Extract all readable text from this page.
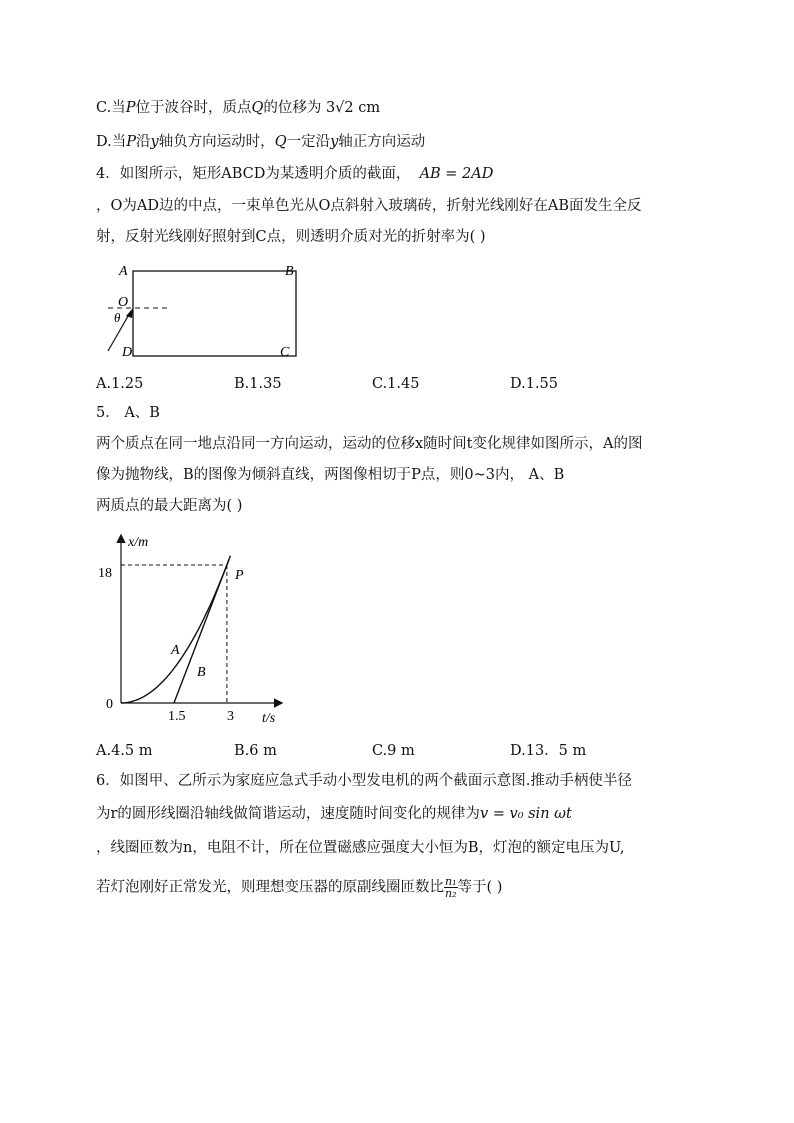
C.当P位于波谷时，质点Q的位移为 3√2 cm
D.当P沿y轴负方向运动时，Q一定沿y轴正方向运动
4．如图所示，矩形ABCD为某透明介质的截面， AB = 2AD
，O为AD边的中点，一束单色光从O点斜射入玻璃砖，折射光线刚好在AB面发生全反
射，反射光线刚好照射到C点，则透明介质对光的折射率为( )
A	B
O
θ
D	C
A.1.25	B.1.35	C.1.45	D.1.55
5． A、B
两个质点在同一地点沿同一方向运动，运动的位移x随时间t变化规律如图所示，A的图
像为抛物线，B的图像为倾斜直线，两图像相切于P点，则0~3内， A、B
两质点的最大距离为( )
x/m
t/s
0
18
1.5	3
A
B
P
A.4.5 m	B.6 m	C.9 m	D.13．5 m
6．如图甲、乙所示为家庭应急式手动小型发电机的两个截面示意图.推动手柄使半径
为r的圆形线圈沿轴线做简谐运动，速度随时间变化的规律为v = v₀ sin ωt
，线圈匝数为n，电阻不计，所在位置磁感应强度大小恒为B，灯泡的额定电压为U,
若灯泡刚好正常发光，则理想变压器的原副线圈匝数比 $\frac{\text{n₁}}{\text{n₂}}$ 等于( )
